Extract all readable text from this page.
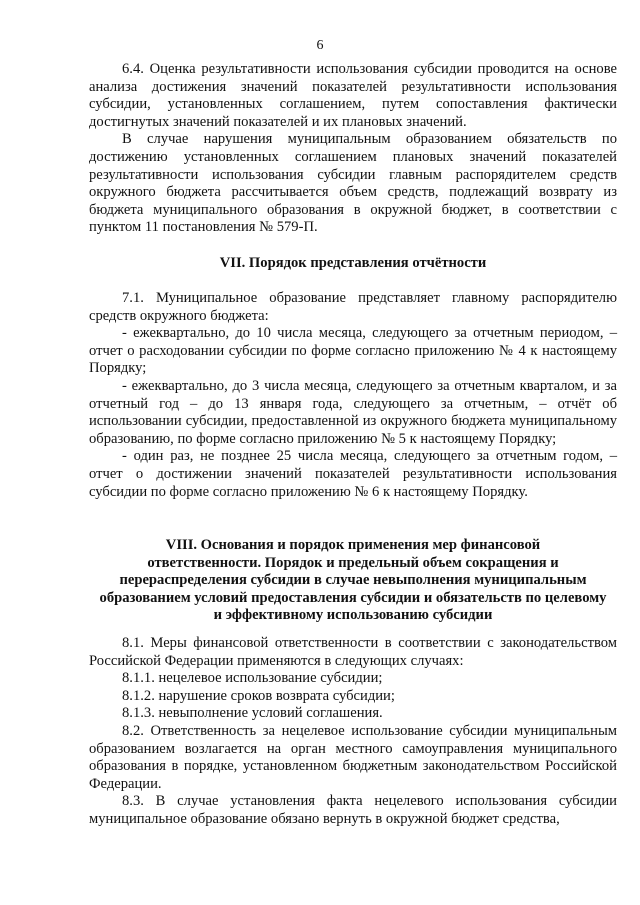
6

6.4. Оценка результативности использования субсидии проводится на основе анализа достижения значений показателей результативности использования субсидии, установленных соглашением, путем сопоставления фактически достигнутых значений показателей и их плановых значений.

В случае нарушения муниципальным образованием обязательств по достижению установленных соглашением плановых значений показателей результативности использования субсидии главным распорядителем средств окружного бюджета рассчитывается объем средств, подлежащий возврату из бюджета муниципального образования в окружной бюджет, в соответствии с пунктом 11 постановления № 579-П.

VII. Порядок представления отчётности

7.1. Муниципальное образование представляет главному распорядителю средств окружного бюджета:

- ежеквартально, до 10 числа месяца, следующего за отчетным периодом, – отчет о расходовании субсидии по форме согласно приложению № 4 к настоящему Порядку;

- ежеквартально, до 3 числа месяца, следующего за отчетным кварталом, и за отчетный год – до 13 января года, следующего за отчетным, – отчёт об использовании субсидии, предоставленной из окружного бюджета муниципальному образованию, по форме согласно приложению № 5 к настоящему Порядку;

- один раз, не позднее 25 числа месяца, следующего за отчетным годом, – отчет о достижении значений показателей результативности использования субсидии по форме согласно приложению № 6 к настоящему Порядку.

VIII. Основания и порядок применения мер финансовой

ответственности. Порядок и предельный объем сокращения и

перераспределения субсидии в случае невыполнения муниципальным

образованием условий предоставления субсидии и обязательств по целевому

и эффективному использованию субсидии

8.1. Меры финансовой ответственности в соответствии с законодательством Российской Федерации применяются в следующих случаях:

8.1.1. нецелевое использование субсидии;

8.1.2. нарушение сроков возврата субсидии;

8.1.3. невыполнение условий соглашения.

8.2. Ответственность за нецелевое использование субсидии муниципальным образованием возлагается на орган местного самоуправления муниципального образования в порядке, установленном бюджетным законодательством Российской Федерации.

8.3. В случае установления факта нецелевого использования субсидии муниципальное образование обязано вернуть в окружной бюджет средства,
